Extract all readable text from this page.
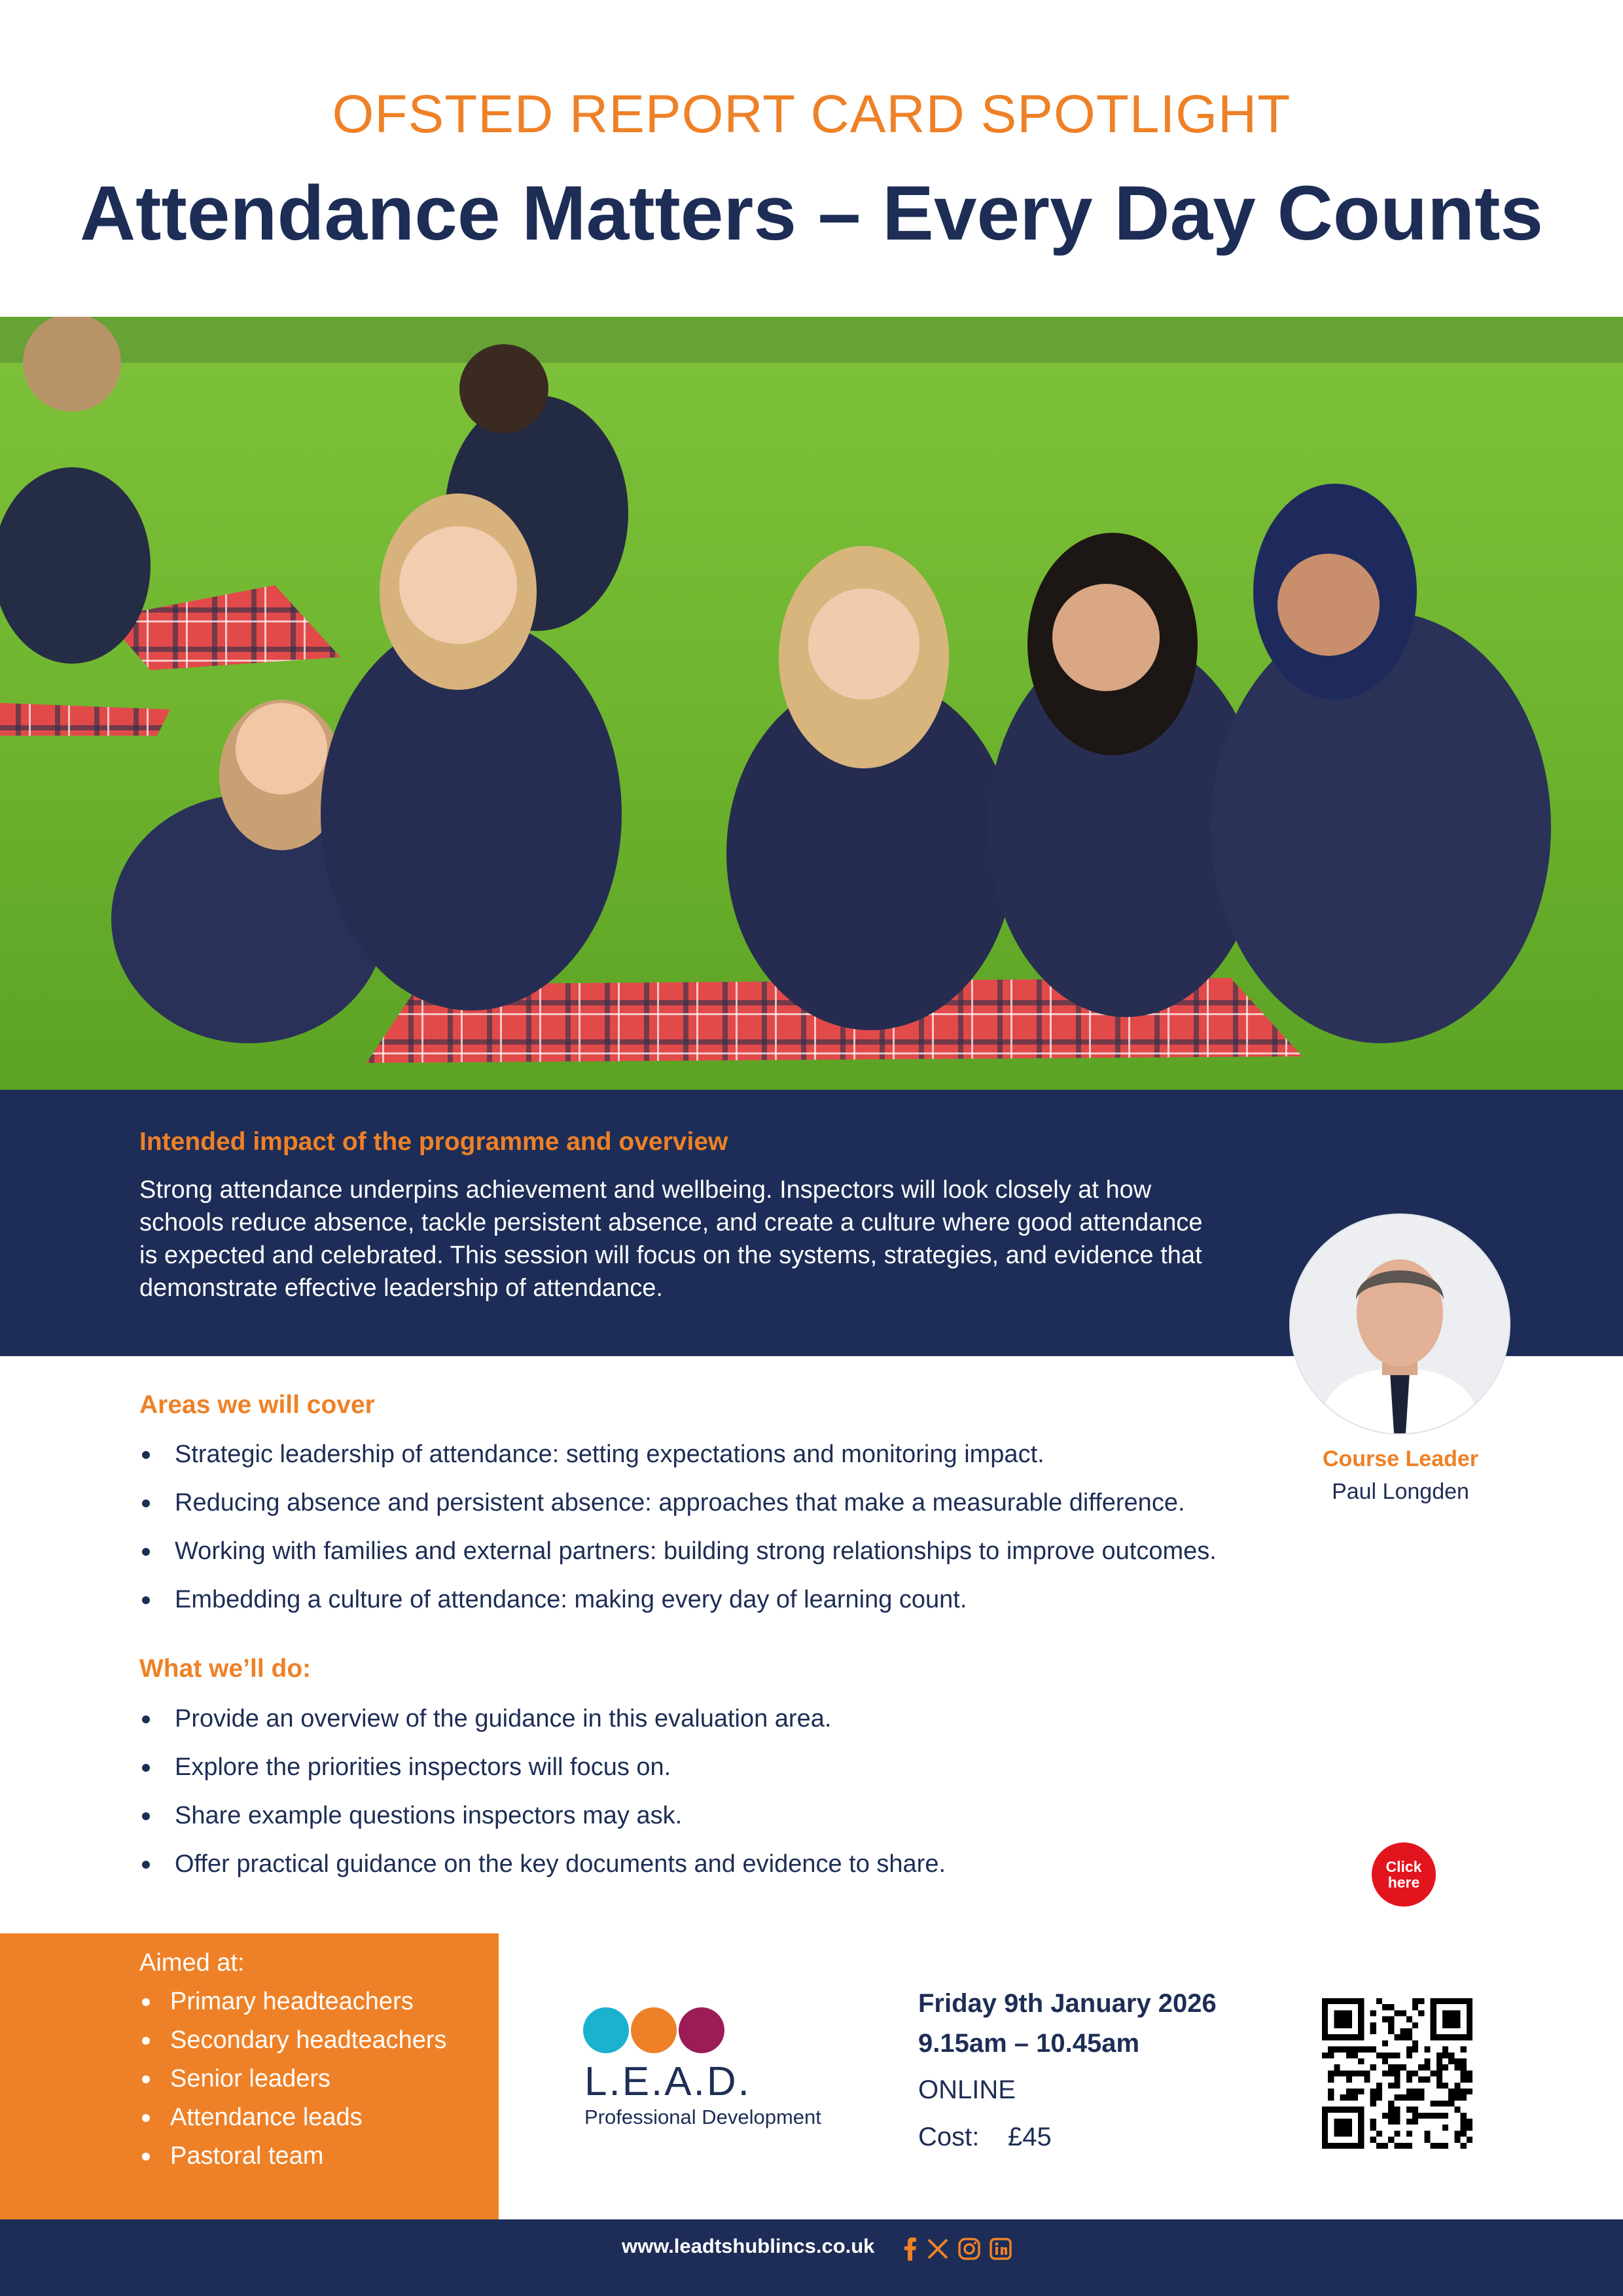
OFSTED REPORT CARD SPOTLIGHT
Attendance Matters – Every Day Counts
Intended impact of the programme and overview
Strong attendance underpins achievement and wellbeing. Inspectors will look closely at how schools reduce absence, tackle persistent absence, and create a culture where good attendance is expected and celebrated. This session will focus on the systems, strategies, and evidence that demonstrate effective leadership of attendance.
Course Leader
Paul Longden
Areas we will cover
Strategic leadership of attendance: setting expectations and monitoring impact.
Reducing absence and persistent absence: approaches that make a measurable difference.
Working with families and external partners: building strong relationships to improve outcomes.
Embedding a culture of attendance: making every day of learning count.
What we’ll do:
Provide an overview of the guidance in this evaluation area.
Explore the priorities inspectors will focus on.
Share example questions inspectors may ask.
Offer practical guidance on the key documents and evidence to share.	Click
here
Aimed at:
Primary headteachers
Secondary headteachers
Senior leaders
Attendance leads
Pastoral team
L.E.A.D.
Professional Development
Friday 9th January 2026
9.15am – 10.45am
ONLINE
Cost: £45
www.leadtshublincs.co.uk
